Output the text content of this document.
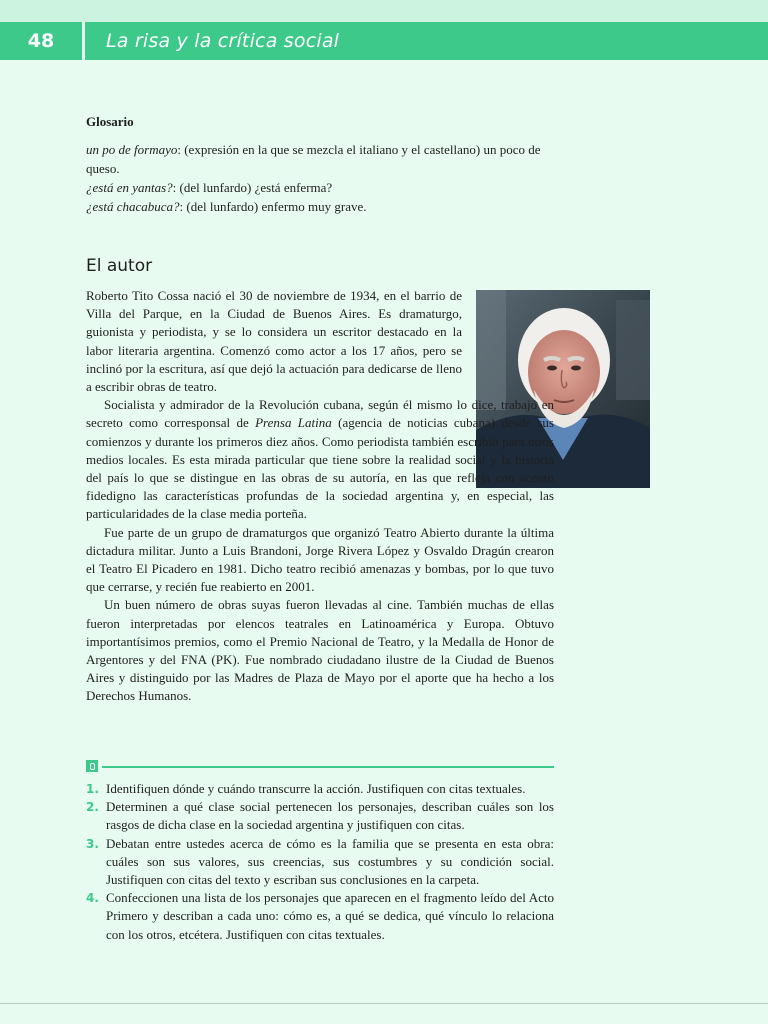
48	La risa y la crítica social
Glosario

un po de formayo: (expresión en la que se mezcla el italiano y el castellano) un poco de queso.

¿está en yantas?: (del lunfardo) ¿está enferma?

¿está chacabuca?: (del lunfardo) enfermo muy grave.

El autor

Roberto Tito Cossa nació el 30 de noviembre de 1934, en el barrio de Villa del Parque, en la Ciudad de Buenos Aires. Es dramaturgo, guionista y periodista, y se lo considera un escritor destacado en la labor literaria argentina. Comenzó como actor a los 17 años, pero se inclinó por la escritura, así que dejó la actuación para dedicarse de lleno a escribir obras de teatro.

Socialista y admirador de la Revolución cubana, según él mismo lo dice, trabajó en secreto como corresponsal de Prensa Latina (agencia de noticias cubana) desde sus comienzos y durante los primeros diez años. Como periodista también escribió para otros medios locales. Es esta mirada particular que tiene sobre la realidad social y la historia del país lo que se distingue en las obras de su autoría, en las que refleja con acento fidedigno las características profundas de la sociedad argentina y, en especial, las particularidades de la clase media porteña.

Fue parte de un grupo de dramaturgos que organizó Teatro Abierto durante la última dictadura militar. Junto a Luis Brandoni, Jorge Rivera López y Osvaldo Dragún crearon el Teatro El Picadero en 1981. Dicho teatro recibió amenazas y bombas, por lo que tuvo que cerrarse, y recién fue reabierto en 2001.

Un buen número de obras suyas fueron llevadas al cine. También muchas de ellas fueron interpretadas por elencos teatrales en Latinoamérica y Europa. Obtuvo importantísimos premios, como el Premio Nacional de Teatro, y la Medalla de Honor de Argentores y del FNA (PK). Fue nombrado ciudadano ilustre de la Ciudad de Buenos Aires y distinguido por las Madres de Plaza de Mayo por el aporte que ha hecho a los Derechos Humanos.

1. Identifiquen dónde y cuándo transcurre la acción. Justifiquen con citas textuales.
2. Determinen a qué clase social pertenecen los personajes, describan cuáles son los rasgos de dicha clase en la sociedad argentina y justifiquen con citas.
3. Debatan entre ustedes acerca de cómo es la familia que se presenta en esta obra: cuáles son sus valores, sus creencias, sus costumbres y su condición social. Justifiquen con citas del texto y escriban sus conclusiones en la carpeta.
4. Confeccionen una lista de los personajes que aparecen en el fragmento leído del Acto Primero y describan a cada uno: cómo es, a qué se dedica, qué vínculo lo relaciona con los otros, etcétera. Justifiquen con citas textuales.
